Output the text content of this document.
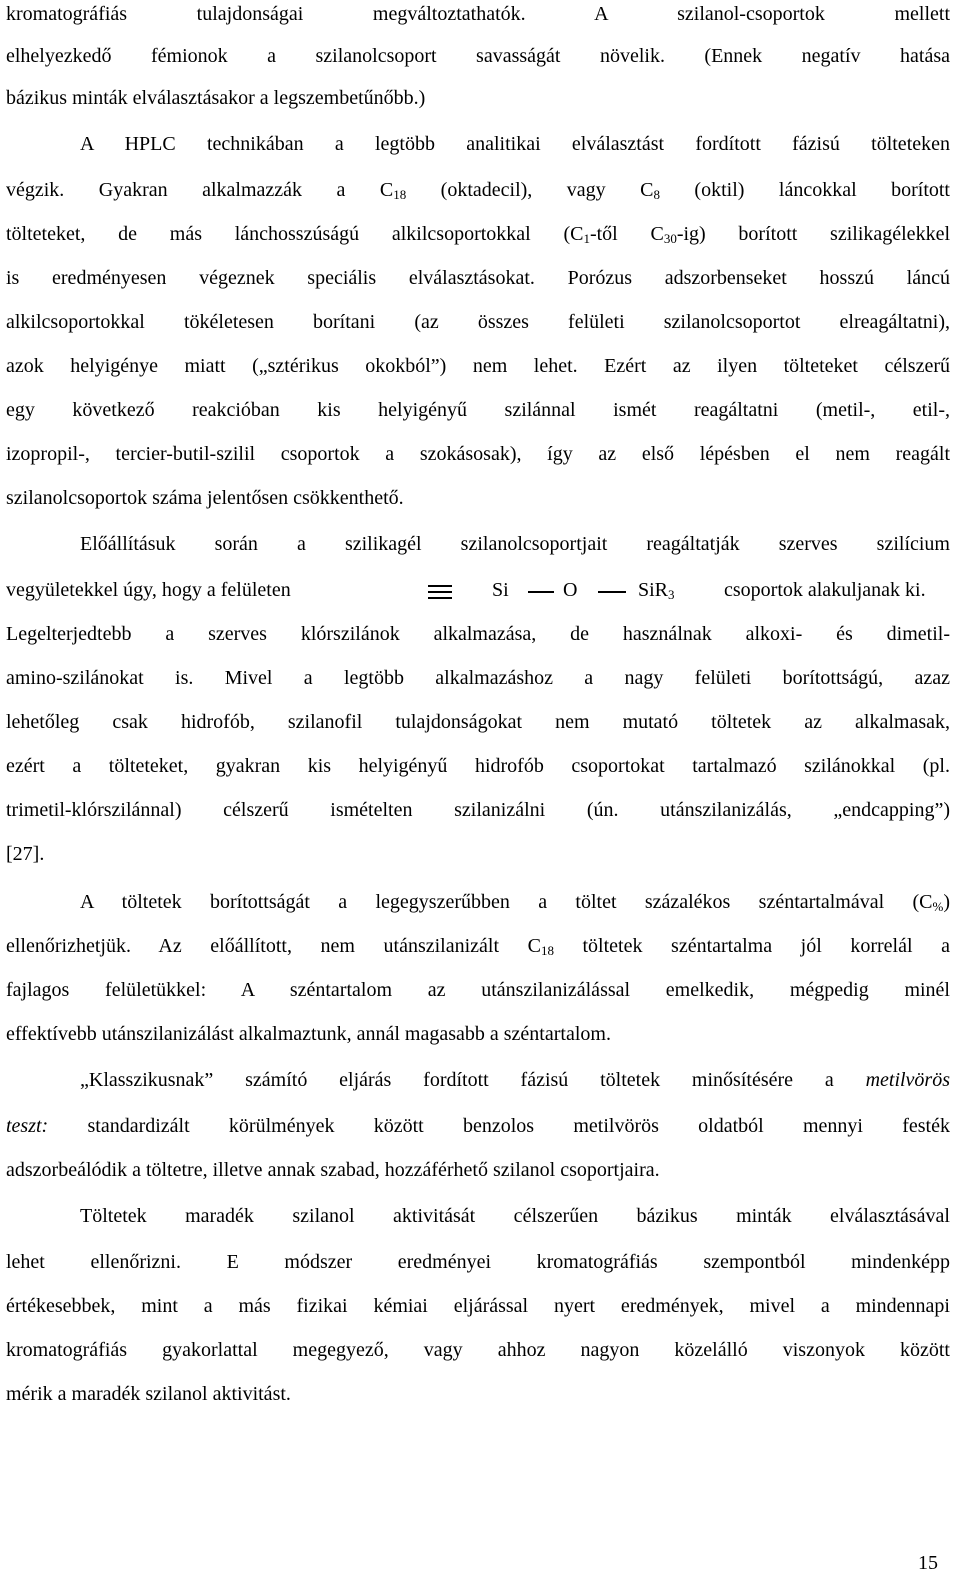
kromatográfiás tulajdonságai megváltoztathatók. A szilanol-csoportok mellett
elhelyezkedő fémionok a szilanolcsoport savasságát növelik. (Ennek negatív hatása
bázikus minták elválasztásakor a legszembetűnőbb.)
A HPLC technikában a legtöbb analitikai elválasztást fordított fázisú tölteteken
végzik. Gyakran alkalmazzák a $C_{18}$ (oktadecil), vagy $C_8$ (oktil) láncokkal borított
tölteteket, de más lánchosszúságú alkilcsoportokkal ($C_1$-től $C_{30}-ig$) borított szilikagélekkel
is eredményesen végeznek speciális elválasztásokat. Porózus adszorbenseket hosszú láncú
alkilcsoportokkal tökéletesen borítani (az összes felületi szilanolcsoportot elreagáltatni),
azok helyigénye miatt („sztérikus okokból”) nem lehet. Ezért az ilyen tölteteket célszerű
egy következő reakcióban kis helyigényű szilánnal ismét reagáltatni (metil-, etil-,
izopropil-, tercier-butil-szilil csoportok a szokásosak), így az első lépésben el nem reagált
szilanolcsoportok száma jelentősen csökkenthető.
Előállításuk során a szilikagél szilanolcsoportjait reagáltatják szerves szilícium
vegyületekkel úgy, hogy a felületen	Si	O	SiR$_3$ csoportok alakuljanak ki.
Legelterjedtebb a szerves klórszilánok alkalmazása, de használnak alkoxi- és dimetil-
amino-szilánokat is. Mivel a legtöbb alkalmazáshoz a nagy felületi borítottságú, azaz
lehetőleg csak hidrofób, szilanofil tulajdonságokat nem mutató töltetek az alkalmasak,
ezért a tölteteket, gyakran kis helyigényű hidrofób csoportokat tartalmazó szilánokkal (pl.
trimetil-klórszilánnal) célszerű ismételten szilanizálni (ún. utánszilanizálás, „endcapping”)
[27].
A töltetek borítottságát a legegyszerűbben a töltet százalékos széntartalmával $(C_{\%})$
ellenőrizhetjük. Az előállított, nem utánszilanizált $C_{18}$ töltetek széntartalma jól korrelál a
fajlagos felületükkel: A széntartalom az utánszilanizálással emelkedik, mégpedig minél
effektívebb utánszilanizálást alkalmaztunk, annál magasabb a széntartalom.
„Klasszikusnak” számító eljárás fordított fázisú töltetek minősítésére a metilvörös
teszt: standardizált körülmények között benzolos metilvörös oldatból mennyi festék
adszorbeálódik a töltetre, illetve annak szabad, hozzáférhető szilanol csoportjaira.
Töltetek maradék szilanol aktivitását célszerűen bázikus minták elválasztásával
lehet ellenőrizni. E módszer eredményei kromatográfiás szempontból mindenképp
értékesebbek, mint a más fizikai kémiai eljárással nyert eredmények, mivel a mindennapi
kromatográfiás gyakorlattal megegyező, vagy ahhoz nagyon közelálló viszonyok között
mérik a maradék szilanol aktivitást.
15
